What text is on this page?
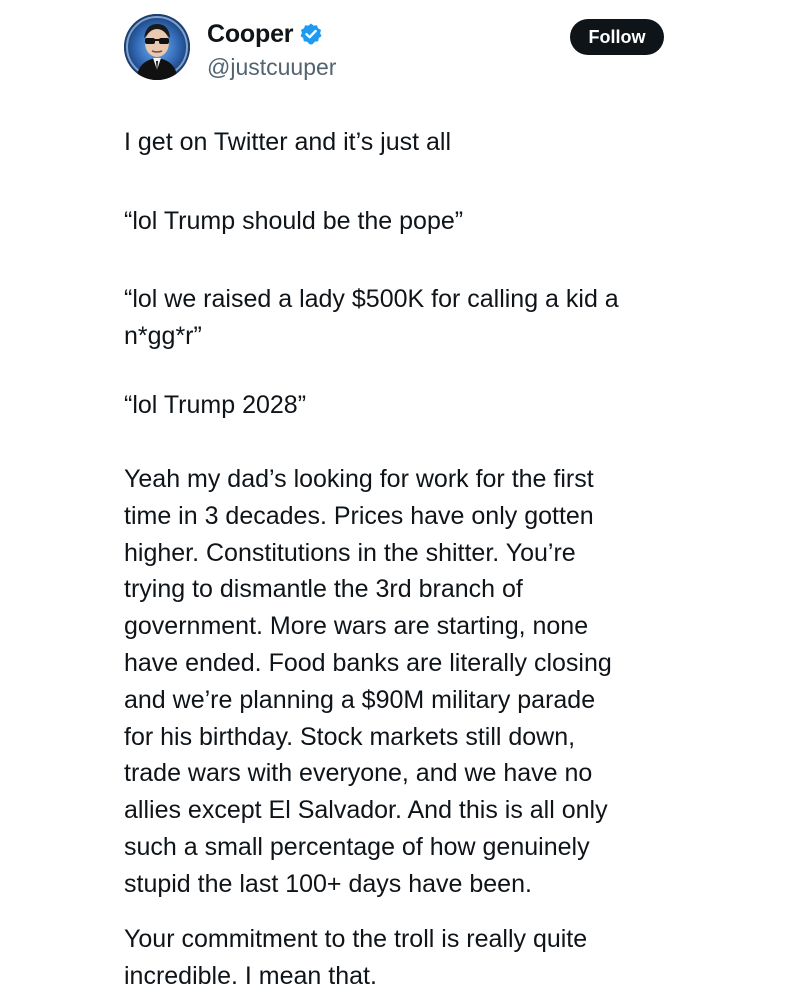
Cooper
@justcuuper
Follow

I get on Twitter and it’s just all

“lol Trump should be the pope”

“lol we raised a lady $500K for calling a kid a
n*gg*r”

“lol Trump 2028”

Yeah my dad’s looking for work for the first
time in 3 decades. Prices have only gotten
higher. Constitutions in the shitter. You’re
trying to dismantle the 3rd branch of
government. More wars are starting, none
have ended. Food banks are literally closing
and we’re planning a $90M military parade
for his birthday. Stock markets still down,
trade wars with everyone, and we have no
allies except El Salvador. And this is all only
such a small percentage of how genuinely
stupid the last 100+ days have been.

Your commitment to the troll is really quite
incredible. I mean that.
